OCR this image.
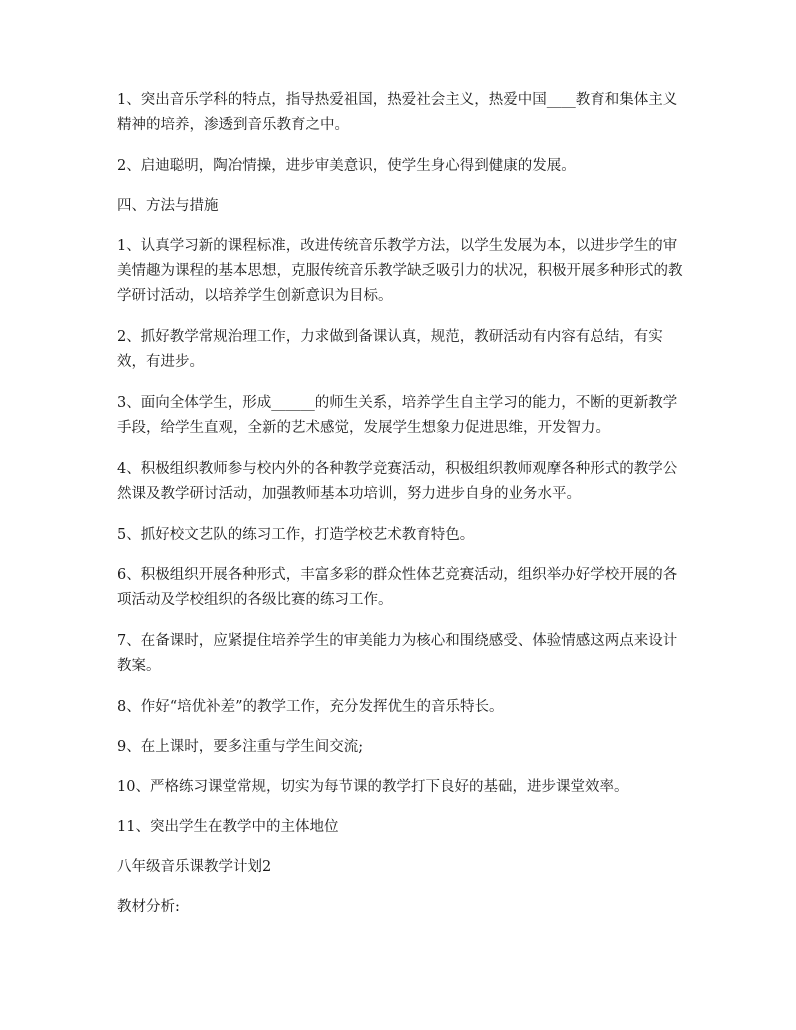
1、突出音乐学科的特点，指导热爱祖国，热爱社会主义，热爱中国____教育和集体主义精神的培养，渗透到音乐教育之中。

2、启迪聪明，陶冶情操，进步审美意识，使学生身心得到健康的发展。

四、方法与措施

1、认真学习新的课程标准，改进传统音乐教学方法，以学生发展为本，以进步学生的审美情趣为课程的基本思想，克服传统音乐教学缺乏吸引力的状况，积极开展多种形式的教学研讨活动，以培养学生创新意识为目标。

2、抓好教学常规治理工作，力求做到备课认真，规范，教研活动有内容有总结，有实效，有进步。

3、面向全体学生，形成______的师生关系，培养学生自主学习的能力，不断的更新教学手段，给学生直观，全新的艺术感觉，发展学生想象力促进思维，开发智力。

4、积极组织教师参与校内外的各种教学竞赛活动，积极组织教师观摩各种形式的教学公然课及教学研讨活动，加强教师基本功培训，努力进步自身的业务水平。

5、抓好校文艺队的练习工作，打造学校艺术教育特色。

6、积极组织开展各种形式，丰富多彩的群众性体艺竞赛活动，组织举办好学校开展的各项活动及学校组织的各级比赛的练习工作。

7、在备课时，应紧提住培养学生的审美能力为核心和围绕感受、体验情感这两点来设计教案。

8、作好“培优补差”的教学工作，充分发挥优生的音乐特长。

9、在上课时，要多注重与学生间交流;

10、严格练习课堂常规，切实为每节课的教学打下良好的基础，进步课堂效率。

11、突出学生在教学中的主体地位

八年级音乐课教学计划2

教材分析:
